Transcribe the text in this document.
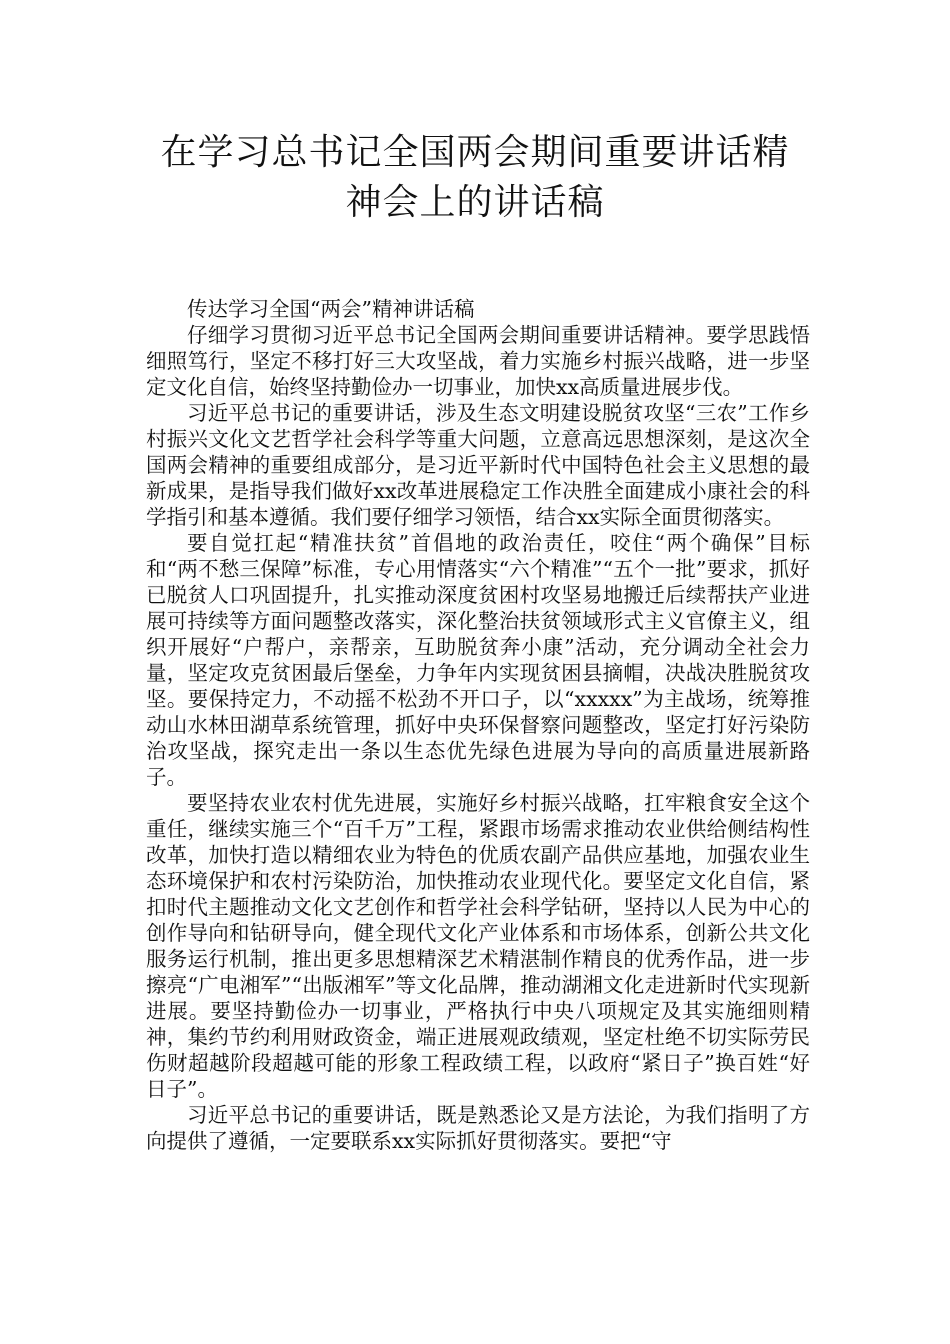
在学习总书记全国两会期间重要讲话精
神会上的讲话稿

传达学习全国“两会”精神讲话稿

仔细学习贯彻习近平总书记全国两会期间重要讲话精神。要学思践悟细照笃行，坚定不移打好三大攻坚战，着力实施乡村振兴战略，进一步坚定文化自信，始终坚持勤俭办一切事业，加快xx高质量进展步伐。

习近平总书记的重要讲话，涉及生态文明建设脱贫攻坚“三农”工作乡村振兴文化文艺哲学社会科学等重大问题，立意高远思想深刻，是这次全国两会精神的重要组成部分，是习近平新时代中国特色社会主义思想的最新成果，是指导我们做好xx改革进展稳定工作决胜全面建成小康社会的科学指引和基本遵循。我们要仔细学习领悟，结合xx实际全面贯彻落实。

要自觉扛起“精准扶贫”首倡地的政治责任，咬住“两个确保”目标和“两不愁三保障”标准，专心用情落实“六个精准”“五个一批”要求，抓好已脱贫人口巩固提升，扎实推动深度贫困村攻坚易地搬迁后续帮扶产业进展可持续等方面问题整改落实，深化整治扶贫领域形式主义官僚主义，组织开展好“户帮户，亲帮亲，互助脱贫奔小康”活动，充分调动全社会力量，坚定攻克贫困最后堡垒，力争年内实现贫困县摘帽，决战决胜脱贫攻坚。要保持定力，不动摇不松劲不开口子，以“xxxxx”为主战场，统筹推动山水林田湖草系统管理，抓好中央环保督察问题整改，坚定打好污染防治攻坚战，探究走出一条以生态优先绿色进展为导向的高质量进展新路子。

要坚持农业农村优先进展，实施好乡村振兴战略，扛牢粮食安全这个重任，继续实施三个“百千万”工程，紧跟市场需求推动农业供给侧结构性改革，加快打造以精细农业为特色的优质农副产品供应基地，加强农业生态环境保护和农村污染防治，加快推动农业现代化。要坚定文化自信，紧扣时代主题推动文化文艺创作和哲学社会科学钻研，坚持以人民为中心的创作导向和钻研导向，健全现代文化产业体系和市场体系，创新公共文化服务运行机制，推出更多思想精深艺术精湛制作精良的优秀作品，进一步擦亮“广电湘军”“出版湘军”等文化品牌，推动湖湘文化走进新时代实现新进展。要坚持勤俭办一切事业，严格执行中央八项规定及其实施细则精神，集约节约利用财政资金，端正进展观政绩观，坚定杜绝不切实际劳民伤财超越阶段超越可能的形象工程政绩工程，以政府“紧日子”换百姓“好日子”。

习近平总书记的重要讲话，既是熟悉论又是方法论，为我们指明了方向提供了遵循，一定要联系xx实际抓好贯彻落实。要把“守
